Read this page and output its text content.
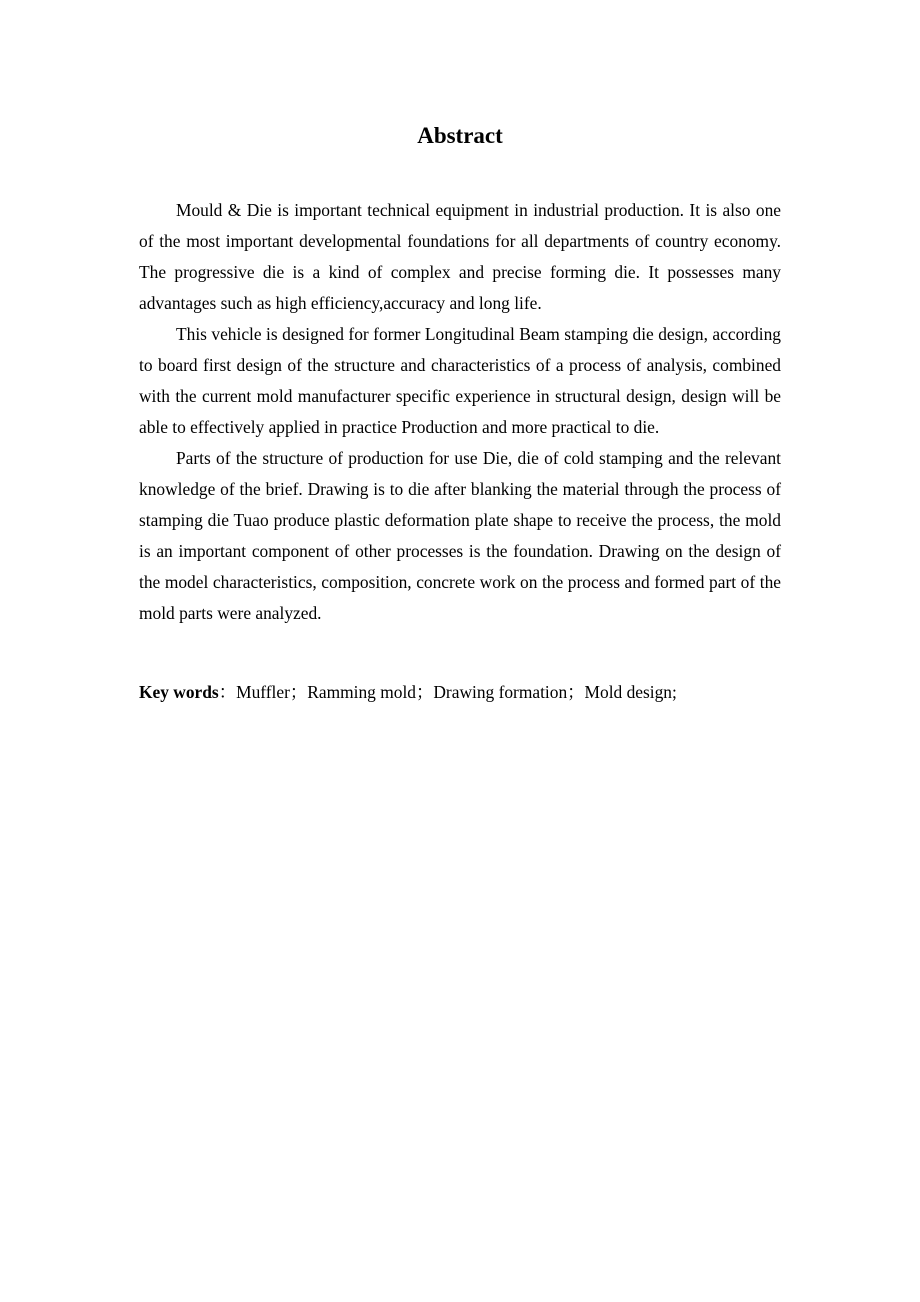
Abstract

Mould & Die is important technical equipment in industrial production. It is also one of the most important developmental foundations for all departments of country economy. The progressive die is a kind of complex and precise forming die. It possesses many advantages such as high efficiency,accuracy and long life.

This vehicle is designed for former Longitudinal Beam stamping die design, according to board first design of the structure and characteristics of a process of analysis, combined with the current mold manufacturer specific experience in structural design, design will be able to effectively applied in practice Production and more practical to die.

Parts of the structure of production for use Die, die of cold stamping and the relevant knowledge of the brief. Drawing is to die after blanking the material through the process of stamping die Tuao produce plastic deformation plate shape to receive the process, the mold is an important component of other processes is the foundation. Drawing on the design of the model characteristics, composition, concrete work on the process and formed part of the mold parts were analyzed.

Key words：Muffler；Ramming mold；Drawing formation；Mold design;
